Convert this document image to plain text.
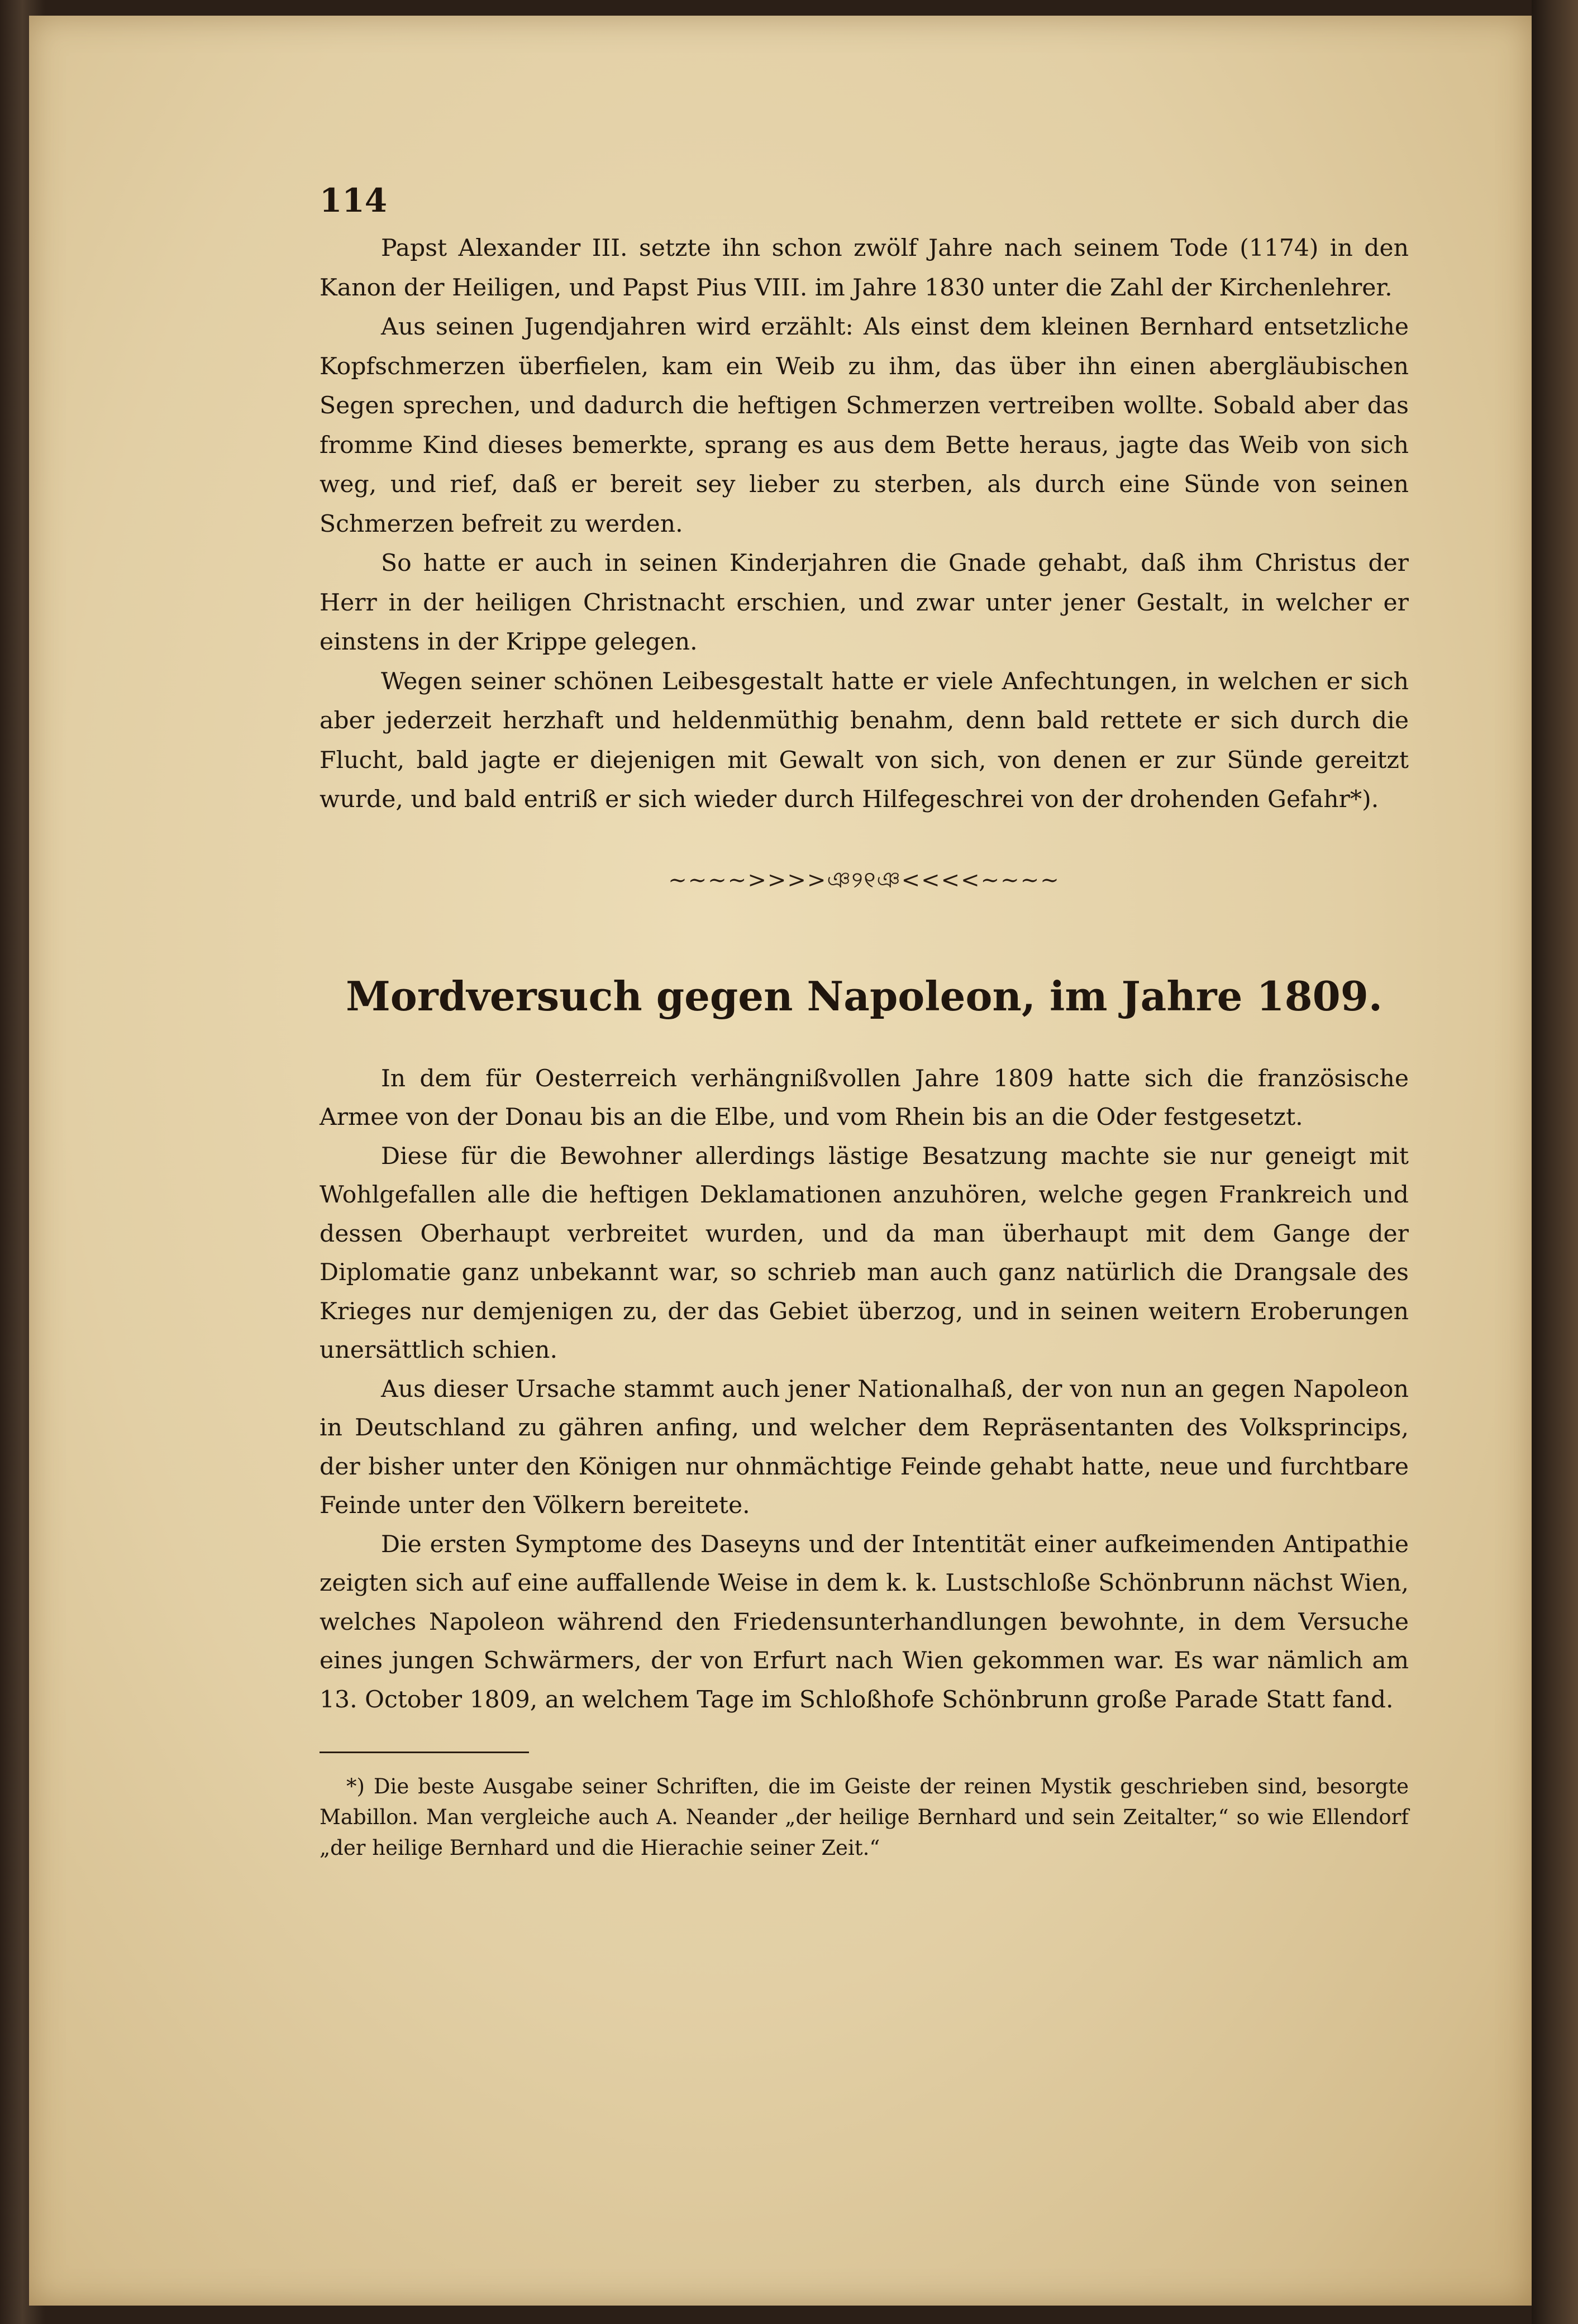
114

Papst Alexander III. setzte ihn schon zwölf Jahre nach seinem Tode (1174) in den Kanon der Heiligen, und Papst Pius VIII. im Jahre 1830 unter die Zahl der Kirchenlehrer.

Aus seinen Jugendjahren wird erzählt: Als einst dem kleinen Bernhard entsetzliche Kopfschmerzen überfielen, kam ein Weib zu ihm, das über ihn einen abergläubischen Segen sprechen, und dadurch die heftigen Schmerzen vertreiben wollte. Sobald aber das fromme Kind dieses bemerkte, sprang es aus dem Bette heraus, jagte das Weib von sich weg, und rief, daß er bereit sey lieber zu sterben, als durch eine Sünde von seinen Schmerzen befreit zu werden.

So hatte er auch in seinen Kinderjahren die Gnade gehabt, daß ihm Christus der Herr in der heiligen Christnacht erschien, und zwar unter jener Gestalt, in welcher er einstens in der Krippe gelegen.

Wegen seiner schönen Leibesgestalt hatte er viele Anfechtungen, in welchen er sich aber jederzeit herzhaft und heldenmüthig benahm, denn bald rettete er sich durch die Flucht, bald jagte er diejenigen mit Gewalt von sich, von denen er zur Sünde gereitzt wurde, und bald entriß er sich wieder durch Hilfegeschrei von der drohenden Gefahr*).

~~~~>>>>ঞ୨୧ঞ<<<<~~~~
Mordversuch gegen Napoleon, im Jahre 1809.

In dem für Oesterreich verhängnißvollen Jahre 1809 hatte sich die französische Armee von der Donau bis an die Elbe, und vom Rhein bis an die Oder festgesetzt.

Diese für die Bewohner allerdings lästige Besatzung machte sie nur geneigt mit Wohlgefallen alle die heftigen Deklamationen anzuhören, welche gegen Frankreich und dessen Oberhaupt verbreitet wurden, und da man überhaupt mit dem Gange der Diplomatie ganz unbekannt war, so schrieb man auch ganz natürlich die Drangsale des Krieges nur demjenigen zu, der das Gebiet überzog, und in seinen weitern Eroberungen unersättlich schien.

Aus dieser Ursache stammt auch jener Nationalhaß, der von nun an gegen Napoleon in Deutschland zu gähren anfing, und welcher dem Repräsentanten des Volksprincips, der bisher unter den Königen nur ohnmächtige Feinde gehabt hatte, neue und furchtbare Feinde unter den Völkern bereitete.

Die ersten Symptome des Daseyns und der Intentität einer aufkeimenden Antipathie zeigten sich auf eine auffallende Weise in dem k. k. Lustschloße Schönbrunn nächst Wien, welches Napoleon während den Friedensunterhandlungen bewohnte, in dem Versuche eines jungen Schwärmers, der von Erfurt nach Wien gekommen war. Es war nämlich am 13. October 1809, an welchem Tage im Schloßhofe Schönbrunn große Parade Statt fand.

*) Die beste Ausgabe seiner Schriften, die im Geiste der reinen Mystik geschrieben sind, besorgte Mabillon. Man vergleiche auch A. Neander „der heilige Bernhard und sein Zeitalter,“ so wie Ellendorf „der heilige Bernhard und die Hierachie seiner Zeit.“
